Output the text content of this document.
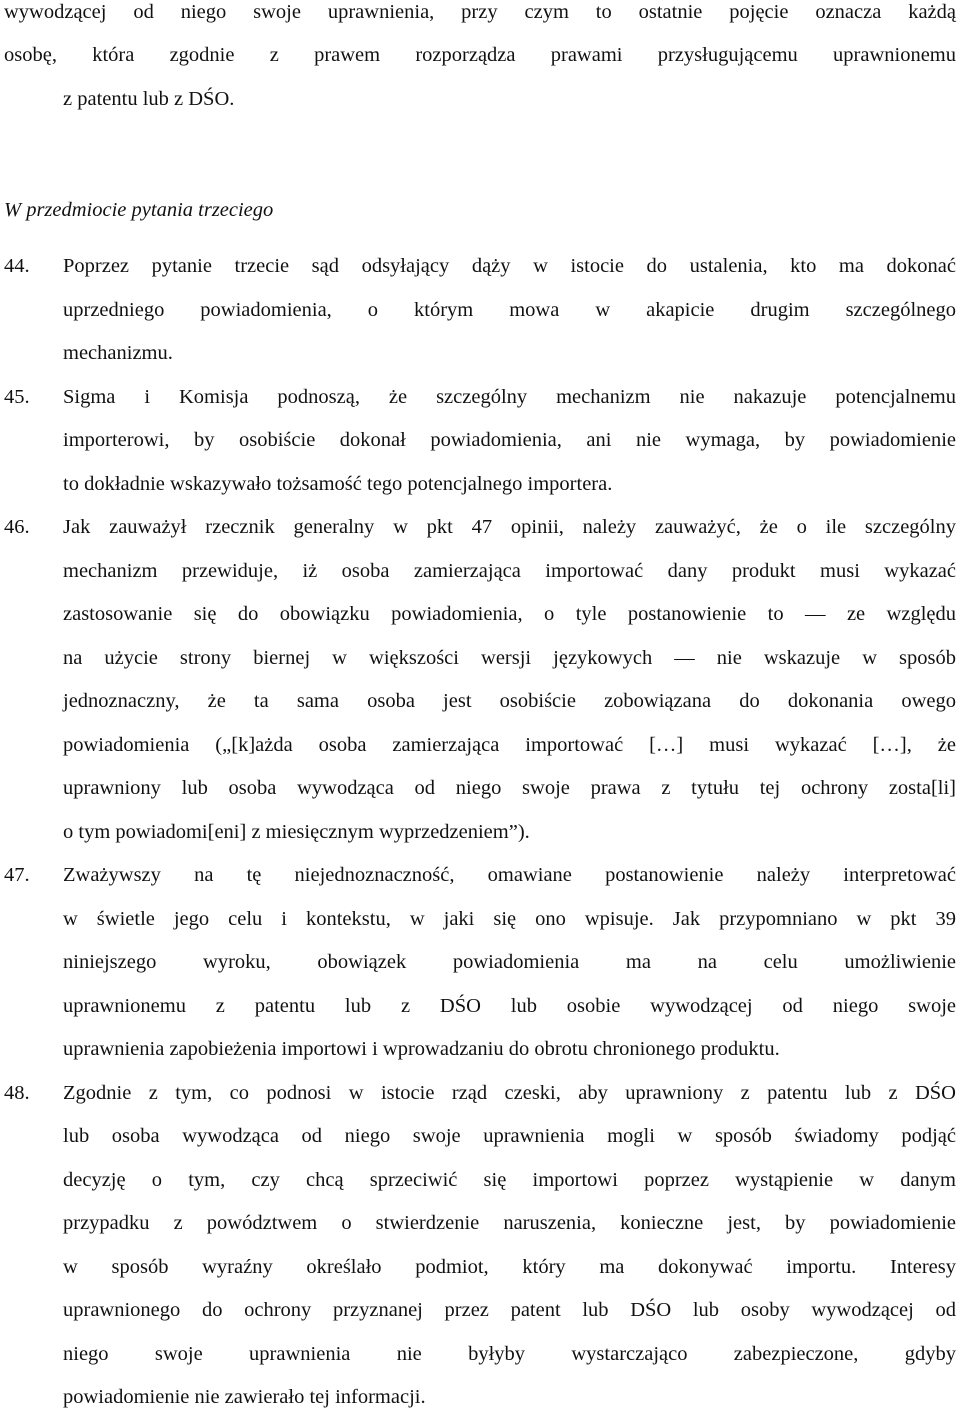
wywodzącej od niego swoje uprawnienia, przy czym to ostatnie pojęcie oznacza każdą
osobę, która zgodnie z prawem rozporządza prawami przysługującemu uprawnionemu
z patentu lub z DŚO.
W przedmiocie pytania trzeciego
44. Poprzez pytanie trzecie sąd odsyłający dąży w istocie do ustalenia, kto ma dokonać
uprzedniego powiadomienia, o którym mowa w akapicie drugim szczególnego
mechanizmu.
45. Sigma i Komisja podnoszą, że szczególny mechanizm nie nakazuje potencjalnemu
importerowi, by osobiście dokonał powiadomienia, ani nie wymaga, by powiadomienie
to dokładnie wskazywało tożsamość tego potencjalnego importera.
46. Jak zauważył rzecznik generalny w pkt 47 opinii, należy zauważyć, że o ile szczególny
mechanizm przewiduje, iż osoba zamierzająca importować dany produkt musi wykazać
zastosowanie się do obowiązku powiadomienia, o tyle postanowienie to — ze względu
na użycie strony biernej w większości wersji językowych — nie wskazuje w sposób
jednoznaczny, że ta sama osoba jest osobiście zobowiązana do dokonania owego
powiadomienia („[k]ażda osoba zamierzająca importować […] musi wykazać […], że
uprawniony lub osoba wywodząca od niego swoje prawa z tytułu tej ochrony zosta[li]
o tym powiadomi[eni] z miesięcznym wyprzedzeniem”).
47. Zważywszy na tę niejednoznaczność, omawiane postanowienie należy interpretować
w świetle jego celu i kontekstu, w jaki się ono wpisuje. Jak przypomniano w pkt 39
niniejszego wyroku, obowiązek powiadomienia ma na celu umożliwienie
uprawnionemu z patentu lub z DŚO lub osobie wywodzącej od niego swoje
uprawnienia zapobieżenia importowi i wprowadzaniu do obrotu chronionego produktu.
48. Zgodnie z tym, co podnosi w istocie rząd czeski, aby uprawniony z patentu lub z DŚO
lub osoba wywodząca od niego swoje uprawnienia mogli w sposób świadomy podjąć
decyzję o tym, czy chcą sprzeciwić się importowi poprzez wystąpienie w danym
przypadku z powództwem o stwierdzenie naruszenia, konieczne jest, by powiadomienie
w sposób wyraźny określało podmiot, który ma dokonywać importu. Interesy
uprawnionego do ochrony przyznanej przez patent lub DŚO lub osoby wywodzącej od
niego swoje uprawnienia nie byłyby wystarczająco zabezpieczone, gdyby
powiadomienie nie zawierało tej informacji.
